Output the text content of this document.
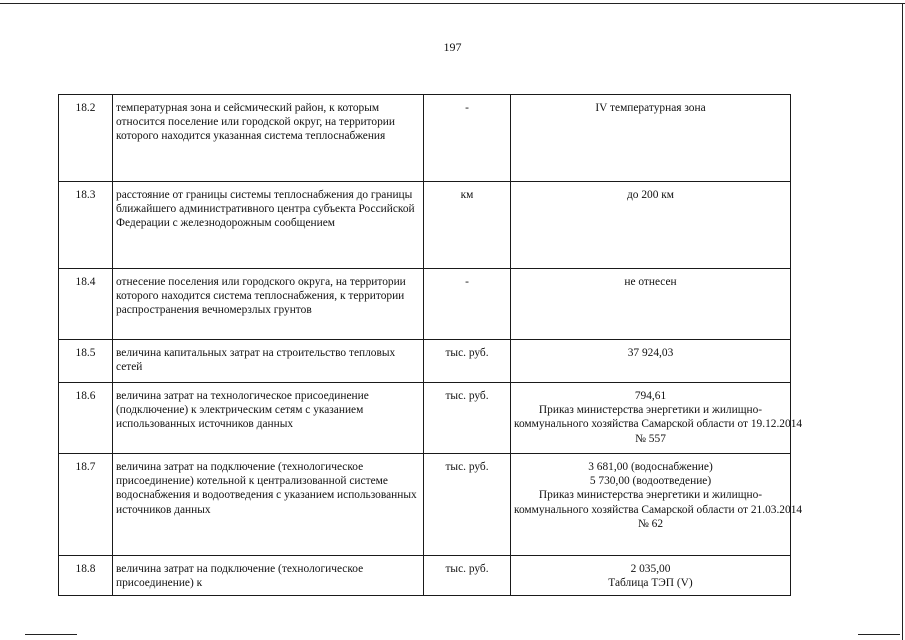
197
18.2	температурная зона и сейсмический район, к которым относится поселение или городской округ, на территории которого находится указанная система теплоснабжения	-	IV температурная зона

18.3	расстояние от границы системы теплоснабжения до границы ближайшего административного центра субъекта Российской Федерации с железнодорожным сообщением	км	до 200 км

18.4	отнесение поселения или городского округа, на территории которого находится система теплоснабжения, к территории распространения вечномерзлых грунтов	-	не отнесен

18.5	величина капитальных затрат на строительство тепловых сетей	тыс. руб.	37 924,03

18.6	величина затрат на технологическое присоединение (подключение) к электрическим сетям с указанием использованных источников данных	тыс. руб.	794,61
Приказ министерства энергетики и жилищно-
коммунального хозяйства Самарской области от 19.12.2014
№ 557

18.7	величина затрат на подключение (технологическое присоединение) котельной к централизованной системе водоснабжения и водоотведения с указанием использованных источников данных	тыс. руб.	3 681,00 (водоснабжение)
5 730,00 (водоотведение)
Приказ министерства энергетики и жилищно-
коммунального хозяйства Самарской области от 21.03.2014
№ 62

18.8	величина затрат на подключение (технологическое присоединение) к	тыс. руб.	2 035,00
Таблица ТЭП (V)
